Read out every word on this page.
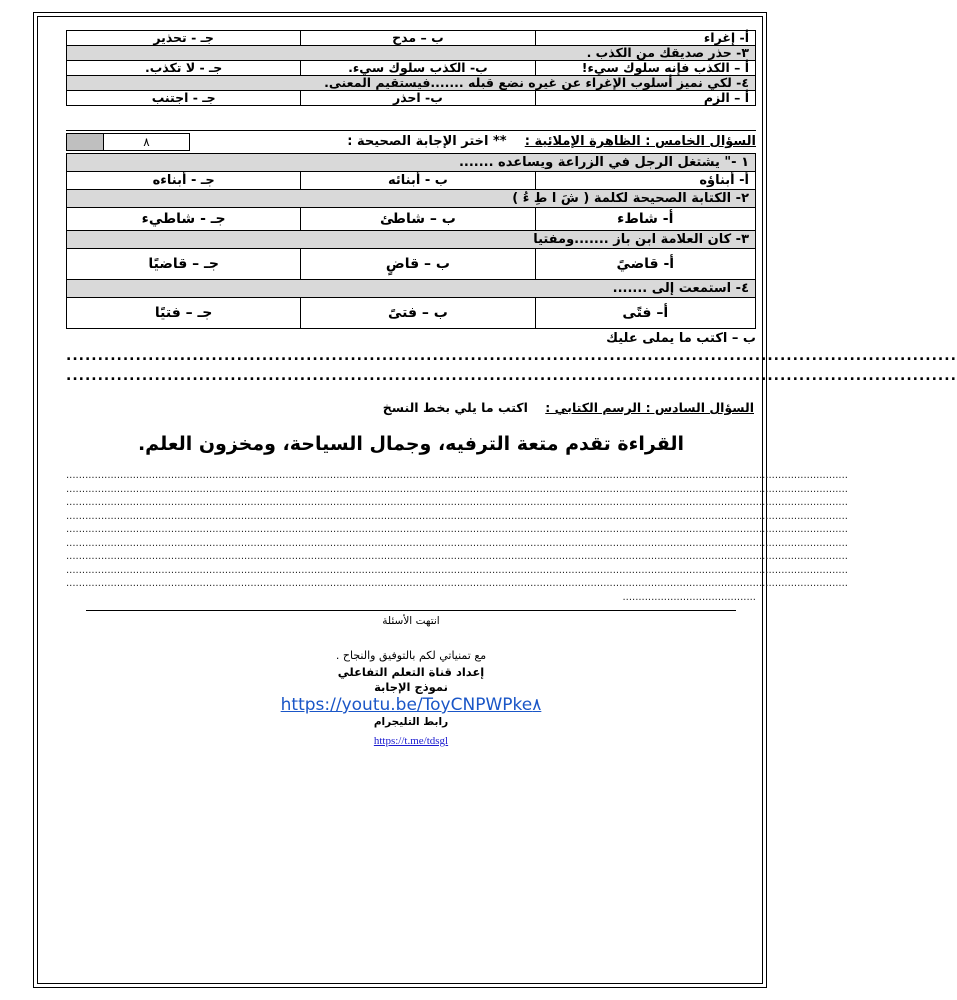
أ- إغراء	ب – مدح	جـ - تحذير
٣- حذر صديقك من الكذب .		
أ – الكذب فإنه سلوك سيء!	ب- الكذب سلوك سيء.	جـ - لا تكذب.
٤- لكي نميز أسلوب الإغراء عن غيره نضع قبله .......فيستقيم المعنى.		
أ – الزم	ب- احذر	جـ - اجتنب
السؤال الخامس : الظاهرة الإملائية :    ** اختر الإجابة الصحيحة :
٨
١ -" يشتغل الرجل في الزراعة ويساعده .......		
أ- أبناؤه	ب - أبنائه	جـ - أبناءه
٢- الكتابة الصحيحة لكلمة ( شَ ا طِ ءُ )		
أ- شاطء	ب – شاطئ	جـ - شاطيء
٣- كان العلامة ابن باز .......ومفتيا		
أ- قاضيً	ب – قاضٍ	جـ – قاضيًا
٤- استمعت إلى .......		
أ– فتًى	ب – فتىً	جـ – فتيًا
ب – اكتب ما يملى عليك
.............................................................................................................................................
.............................................................................................................................................
السؤال السادس : الرسم الكتابي :    اكتب ما يلي بخط النسخ
القراءة تقدم متعة الترفيه، وجمال السياحة، ومخزون العلم.
......................................................................................................................................................................................................................................................
......................................................................................................................................................................................................................................................
......................................................................................................................................................................................................................................................
......................................................................................................................................................................................................................................................
......................................................................................................................................................................................................................................................
......................................................................................................................................................................................................................................................
......................................................................................................................................................................................................................................................
......................................................................................................................................................................................................................................................
......................................................................................................................................................................................................................................................
..........................................
انتهت الأسئلة
مع تمنياتي لكم بالتوفيق والنجاح .
إعداد قناة التعلم التفاعلي
نموذج الإجابة
https://youtu.be/ToyCNPWPke٨
رابط التليجرام
https://t.me/tdsgl
